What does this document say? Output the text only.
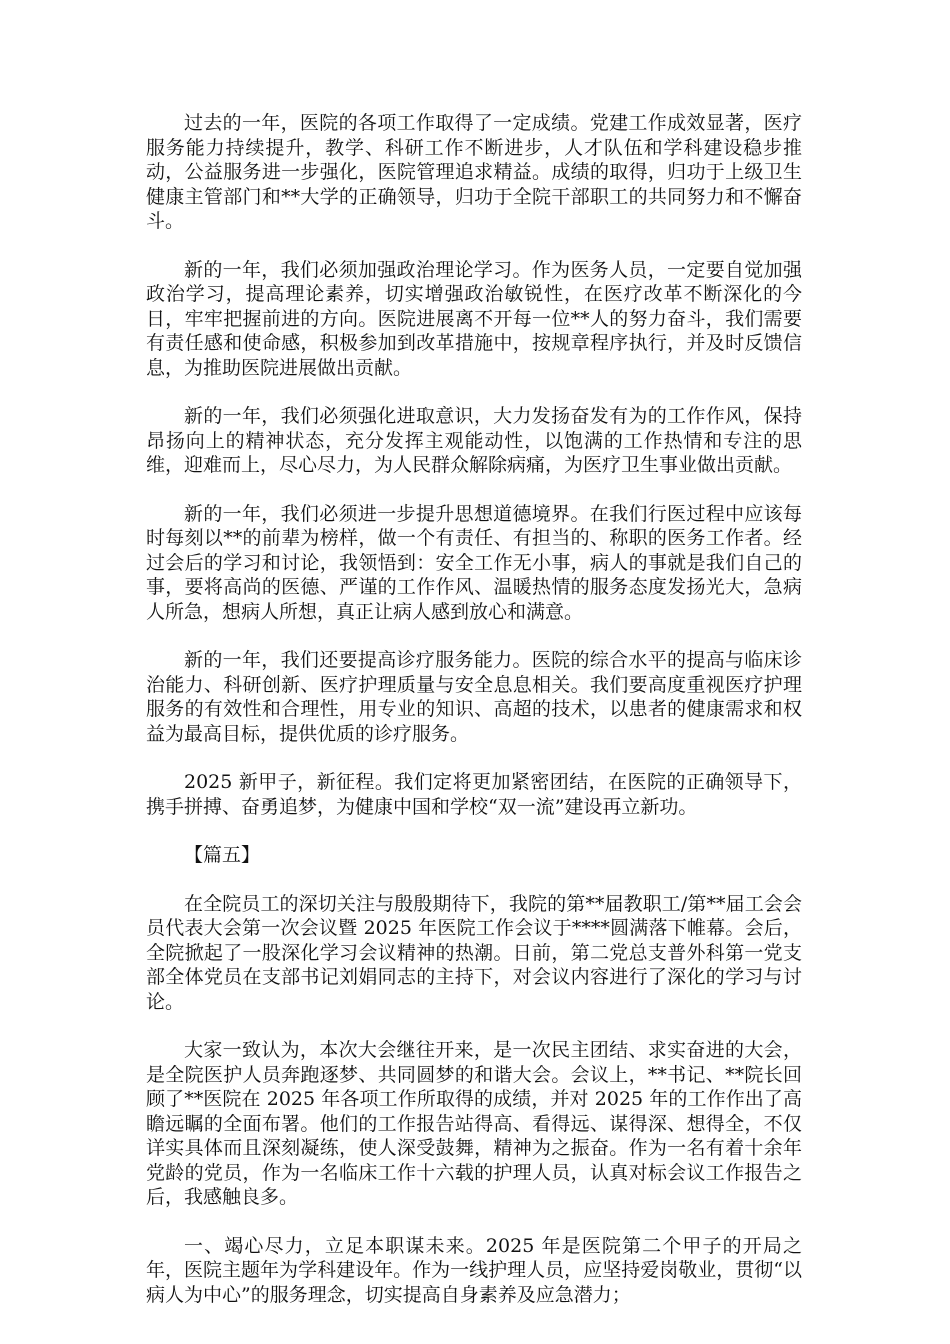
过去的一年，医院的各项工作取得了一定成绩。党建工作成效显著，医疗服务能力持续提升，教学、科研工作不断进步，人才队伍和学科建设稳步推动，公益服务进一步强化，医院管理追求精益。成绩的取得，归功于上级卫生健康主管部门和**大学的正确领导，归功于全院干部职工的共同努力和不懈奋斗。

新的一年，我们必须加强政治理论学习。作为医务人员，一定要自觉加强政治学习，提高理论素养，切实增强政治敏锐性，在医疗改革不断深化的今日，牢牢把握前进的方向。医院进展离不开每一位**人的努力奋斗，我们需要有责任感和使命感，积极参加到改革措施中，按规章程序执行，并及时反馈信息，为推助医院进展做出贡献。

新的一年，我们必须强化进取意识，大力发扬奋发有为的工作作风，保持昂扬向上的精神状态，充分发挥主观能动性，以饱满的工作热情和专注的思维，迎难而上，尽心尽力，为人民群众解除病痛，为医疗卫生事业做出贡献。

新的一年，我们必须进一步提升思想道德境界。在我们行医过程中应该每时每刻以**的前辈为榜样，做一个有责任、有担当的、称职的医务工作者。经过会后的学习和讨论，我领悟到：安全工作无小事，病人的事就是我们自己的事，要将高尚的医德、严谨的工作作风、温暖热情的服务态度发扬光大，急病人所急，想病人所想，真正让病人感到放心和满意。

新的一年，我们还要提高诊疗服务能力。医院的综合水平的提高与临床诊治能力、科研创新、医疗护理质量与安全息息相关。我们要高度重视医疗护理服务的有效性和合理性，用专业的知识、高超的技术，以患者的健康需求和权益为最高目标，提供优质的诊疗服务。

2025 新甲子，新征程。我们定将更加紧密团结，在医院的正确领导下，携手拼搏、奋勇追梦，为健康中国和学校“双一流”建设再立新功。

【篇五】

在全院员工的深切关注与殷殷期待下，我院的第**届教职工/第**届工会会员代表大会第一次会议暨 2025 年医院工作会议于****圆满落下帷幕。会后，全院掀起了一股深化学习会议精神的热潮。日前，第二党总支普外科第一党支部全体党员在支部书记刘娟同志的主持下，对会议内容进行了深化的学习与讨论。

大家一致认为，本次大会继往开来，是一次民主团结、求实奋进的大会，是全院医护人员奔跑逐梦、共同圆梦的和谐大会。会议上，**书记、**院长回顾了**医院在 2025 年各项工作所取得的成绩，并对 2025 年的工作作出了高瞻远瞩的全面布署。他们的工作报告站得高、看得远、谋得深、想得全，不仅详实具体而且深刻凝练，使人深受鼓舞，精神为之振奋。作为一名有着十余年党龄的党员，作为一名临床工作十六载的护理人员，认真对标会议工作报告之后，我感触良多。

一、竭心尽力，立足本职谋未来。2025 年是医院第二个甲子的开局之年，医院主题年为学科建设年。作为一线护理人员，应坚持爱岗敬业，贯彻“以病人为中心”的服务理念，切实提高自身素养及应急潜力；
